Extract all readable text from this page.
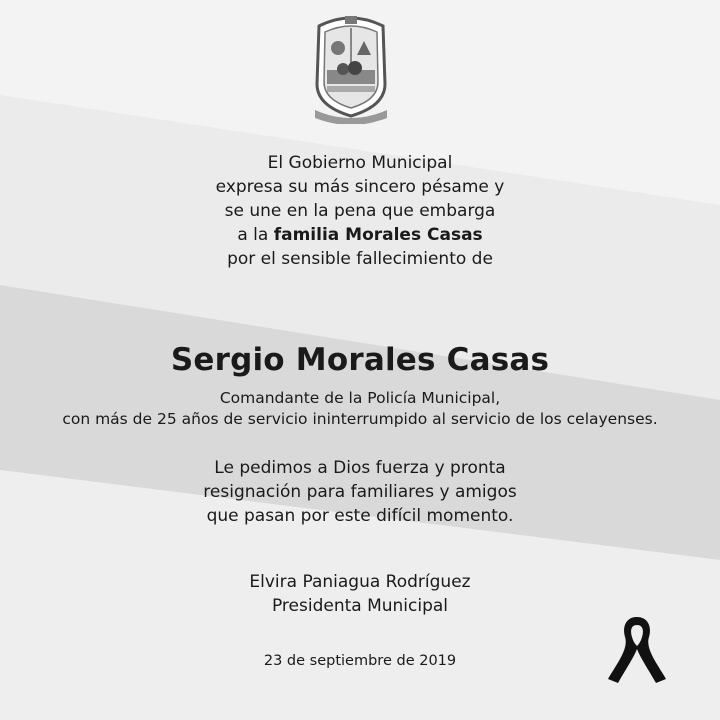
El Gobierno Municipal
expresa su más sincero pésame y
se une en la pena que embarga
a la familia Morales Casas
por el sensible fallecimiento de
Sergio Morales Casas
Comandante de la Policía Municipal,
con más de 25 años de servicio ininterrumpido al servicio de los celayenses.
Le pedimos a Dios fuerza y pronta
resignación para familiares y amigos
que pasan por este difícil momento.
Elvira Paniagua Rodríguez
Presidenta Municipal
23 de septiembre de 2019
